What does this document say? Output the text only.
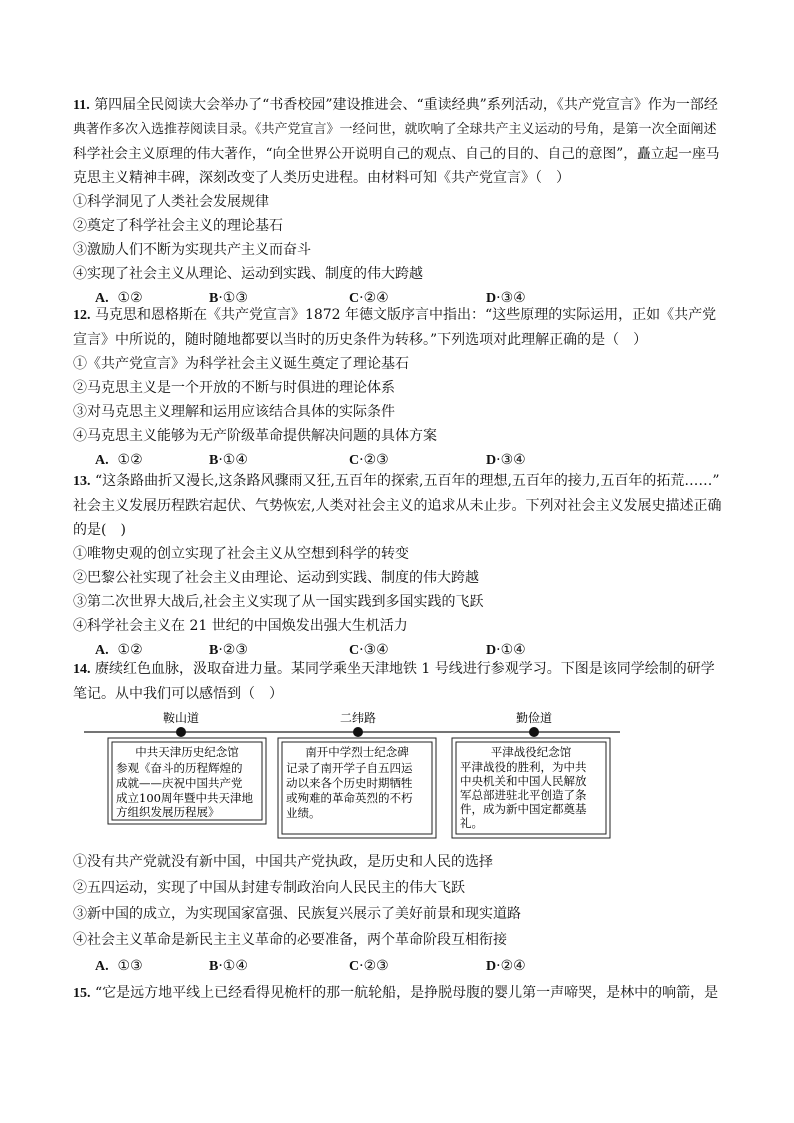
11. 第四届全民阅读大会举办了“书香校园”建设推进会、“重读经典”系列活动，《共产党宣言》作为一部经
典著作多次入选推荐阅读目录。《共产党宣言》一经问世，就吹响了全球共产主义运动的号角，是第一次全面阐述
科学社会主义原理的伟大著作，“向全世界公开说明自己的观点、自己的目的、自己的意图”，矗立起一座马
克思主义精神丰碑，深刻改变了人类历史进程。由材料可知《共产党宣言》（　）
①科学洞见了人类社会发展规律
②奠定了科学社会主义的理论基石
③激励人们不断为实现共产主义而奋斗
④实现了社会主义从理论、运动到实践、制度的伟大跨越
A. ①②	B·①③	C·②④	D·③④
12. 马克思和恩格斯在《共产党宣言》1872 年德文版序言中指出：“这些原理的实际运用，正如《共产党
宣言》中所说的，随时随地都要以当时的历史条件为转移。”下列选项对此理解正确的是（　）
①《共产党宣言》为科学社会主义诞生奠定了理论基石
②马克思主义是一个开放的不断与时俱进的理论体系
③对马克思主义理解和运用应该结合具体的实际条件
④马克思主义能够为无产阶级革命提供解决问题的具体方案
A. ①②	B·①④	C·②③	D·③④
13. “这条路曲折又漫长,这条路风骤雨又狂,五百年的探索,五百年的理想,五百年的接力,五百年的拓荒……”
社会主义发展历程跌宕起伏、气势恢宏,人类对社会主义的追求从未止步。下列对社会主义发展史描述正确
的是(　)
①唯物史观的创立实现了社会主义从空想到科学的转变
②巴黎公社实现了社会主义由理论、运动到实践、制度的伟大跨越
③第二次世界大战后,社会主义实现了从一国实践到多国实践的飞跃
④科学社会主义在 21 世纪的中国焕发出强大生机活力
A. ①②	B·②③	C·③④	D·①④
14. 赓续红色血脉，汲取奋进力量。某同学乘坐天津地铁 1 号线进行参观学习。下图是该同学绘制的研学
笔记。从中我们可以感悟到（　）
鞍山道	二纬路	勤俭道
中共天津历史纪念馆
参观《奋斗的历程辉煌的
成就——庆祝中国共产党
成立100周年暨中共天津地
方组织发展历程展》
南开中学烈士纪念碑
记录了南开学子自五四运
动以来各个历史时期牺牲
或殉难的革命英烈的不朽
业绩。
平津战役纪念馆
平津战役的胜利，为中共
中央机关和中国人民解放
军总部进驻北平创造了条
件，成为新中国定都奠基
礼。
①没有共产党就没有新中国，中国共产党执政，是历史和人民的选择
②五四运动，实现了中国从封建专制政治向人民民主的伟大飞跃
③新中国的成立，为实现国家富强、民族复兴展示了美好前景和现实道路
④社会主义革命是新民主主义革命的必要准备，两个革命阶段互相衔接
A. ①③	B·①④	C·②③	D·②④
15. “它是远方地平线上已经看得见桅杆的那一航轮船，是挣脱母腹的婴儿第一声啼哭，是林中的响箭，是
